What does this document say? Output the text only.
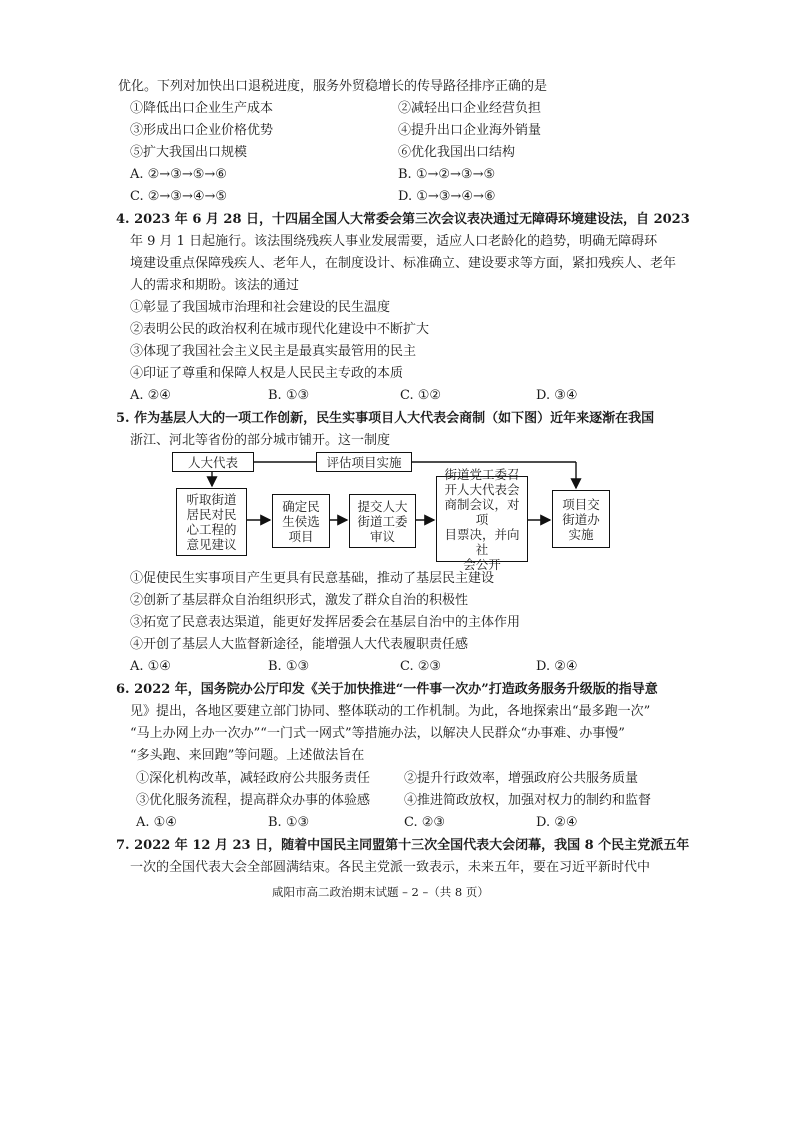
优化。下列对加快出口退税进度，服务外贸稳增长的传导路径排序正确的是
①降低出口企业生产成本	②减轻出口企业经营负担
③形成出口企业价格优势	④提升出口企业海外销量
⑤扩大我国出口规模	⑥优化我国出口结构
A. ②→③→⑤→⑥	B. ①→②→③→⑤
C. ②→③→④→⑤	D. ①→③→④→⑥
4. 2023 年 6 月 28 日，十四届全国人大常委会第三次会议表决通过无障碍环境建设法，自 2023
年 9 月 1 日起施行。该法围绕残疾人事业发展需要，适应人口老龄化的趋势，明确无障碍环
境建设重点保障残疾人、老年人，在制度设计、标准确立、建设要求等方面，紧扣残疾人、老年
人的需求和期盼。该法的通过
①彰显了我国城市治理和社会建设的民生温度
②表明公民的政治权利在城市现代化建设中不断扩大
③体现了我国社会主义民主是最真实最管用的民主
④印证了尊重和保障人权是人民民主专政的本质
A. ②④	B. ①③	C. ①②	D. ③④
5. 作为基层人大的一项工作创新，民生实事项目人大代表会商制（如下图）近年来逐渐在我国
浙江、河北等省份的部分城市铺开。这一制度
人大代表	评估项目实施
听取街道
居民对民
心工程的
意见建议
确定民
生侯选
项目
提交人大
街道工委
审议
街道党工委召
开人大代表会
商制会议，对项
目票决，并向社
会公开
项目交
街道办
实施
①促使民生实事项目产生更具有民意基础，推动了基层民主建设
②创新了基层群众自治组织形式，激发了群众自治的积极性
③拓宽了民意表达渠道，能更好发挥居委会在基层自治中的主体作用
④开创了基层人大监督新途径，能增强人大代表履职责任感
A. ①④	B. ①③	C. ②③	D. ②④
6. 2022 年，国务院办公厅印发《关于加快推进“一件事一次办”打造政务服务升级版的指导意
见》提出，各地区要建立部门协同、整体联动的工作机制。为此，各地探索出“最多跑一次”
“马上办网上办一次办”“一门式一网式”等措施办法，以解决人民群众“办事难、办事慢”
“多头跑、来回跑”等问题。上述做法旨在
①深化机构改革，减轻政府公共服务责任	②提升行政效率，增强政府公共服务质量
③优化服务流程，提高群众办事的体验感	④推进简政放权，加强对权力的制约和监督
A. ①④	B. ①③	C. ②③	D. ②④
7. 2022 年 12 月 23 日，随着中国民主同盟第十三次全国代表大会闭幕，我国 8 个民主党派五年
一次的全国代表大会全部圆满结束。各民主党派一致表示，未来五年，要在习近平新时代中
咸阳市高二政治期末试题 – 2 –（共 8 页）
